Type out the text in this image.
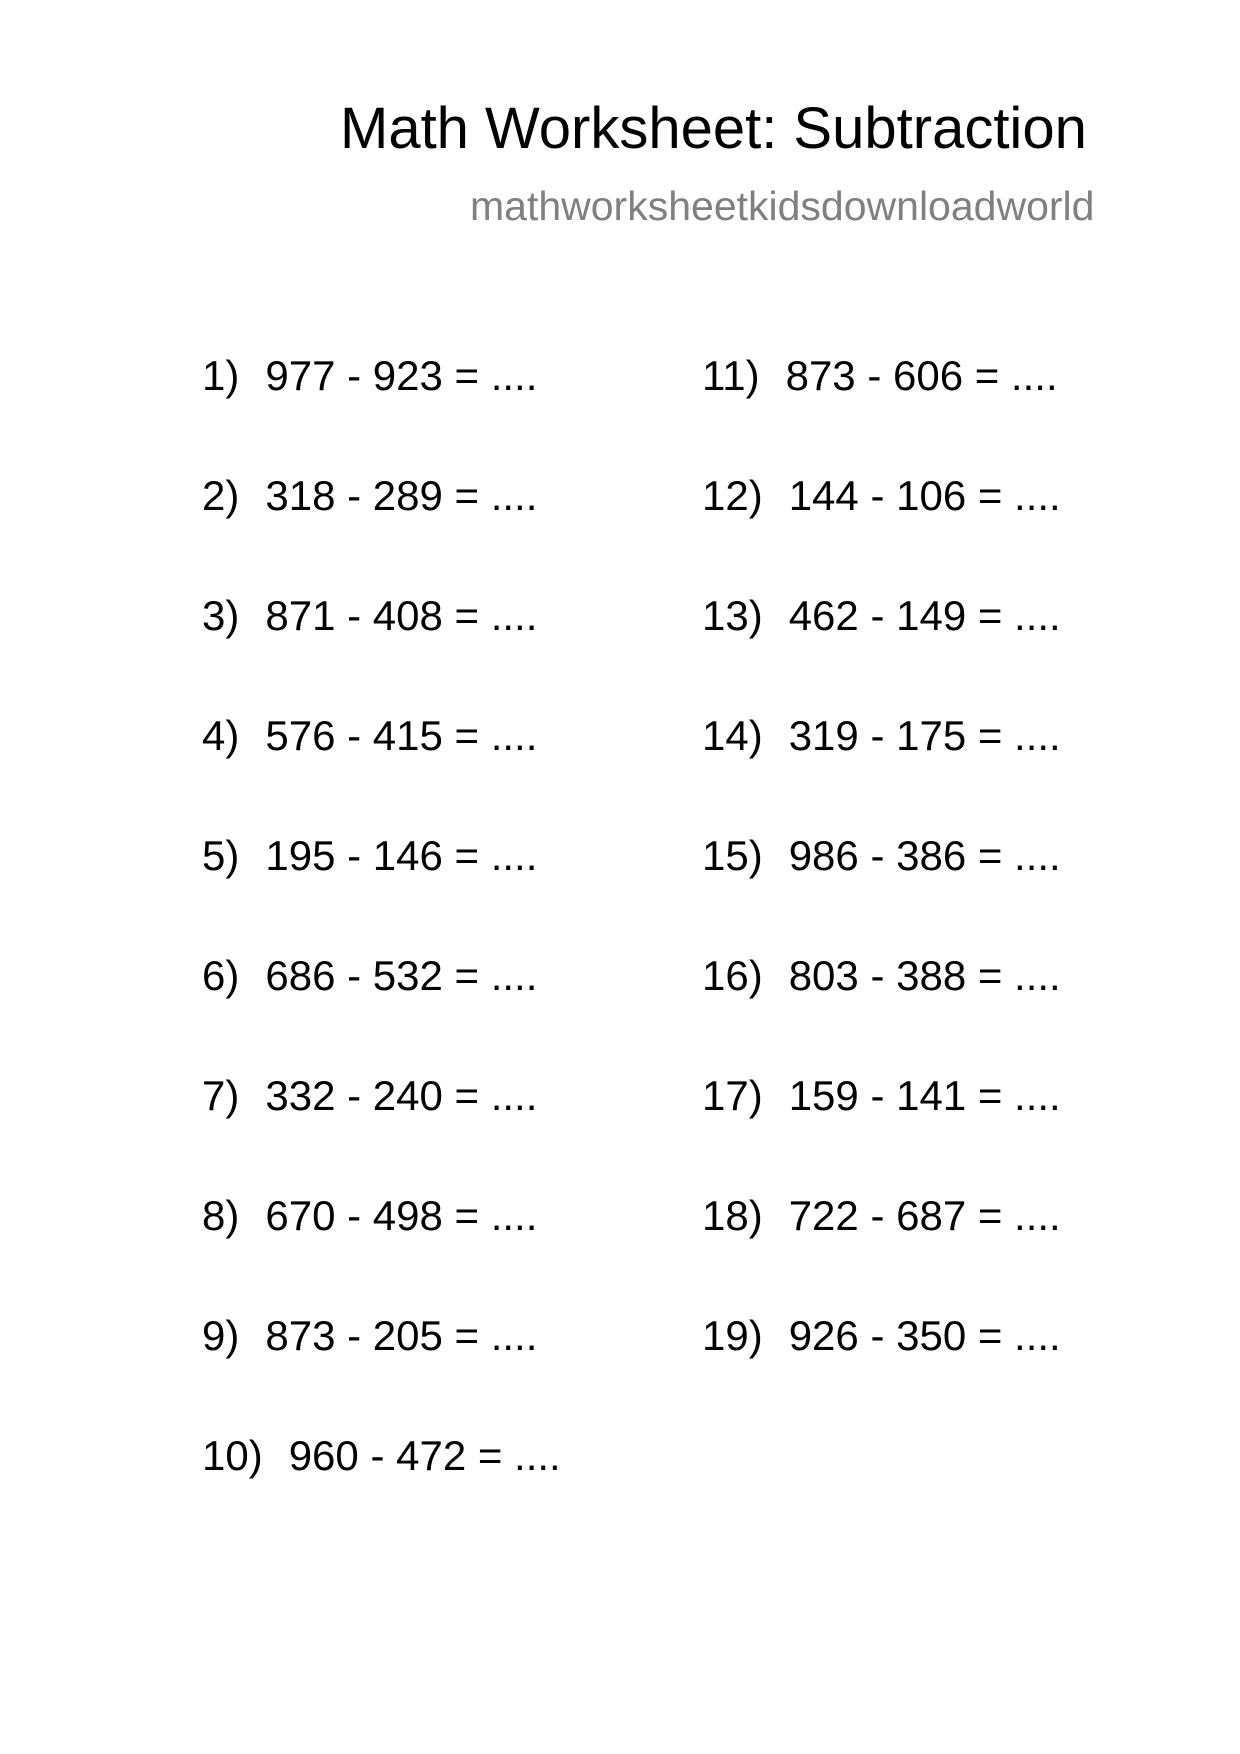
Math Worksheet: Subtraction
mathworksheetkidsdownloadworld
1) 977 - 923 = ....
2) 318 - 289 = ....
3) 871 - 408 = ....
4) 576 - 415 = ....
5) 195 - 146 = ....
6) 686 - 532 = ....
7) 332 - 240 = ....
8) 670 - 498 = ....
9) 873 - 205 = ....
10) 960 - 472 = ....
11) 873 - 606 = ....
12) 144 - 106 = ....
13) 462 - 149 = ....
14) 319 - 175 = ....
15) 986 - 386 = ....
16) 803 - 388 = ....
17) 159 - 141 = ....
18) 722 - 687 = ....
19) 926 - 350 = ....
